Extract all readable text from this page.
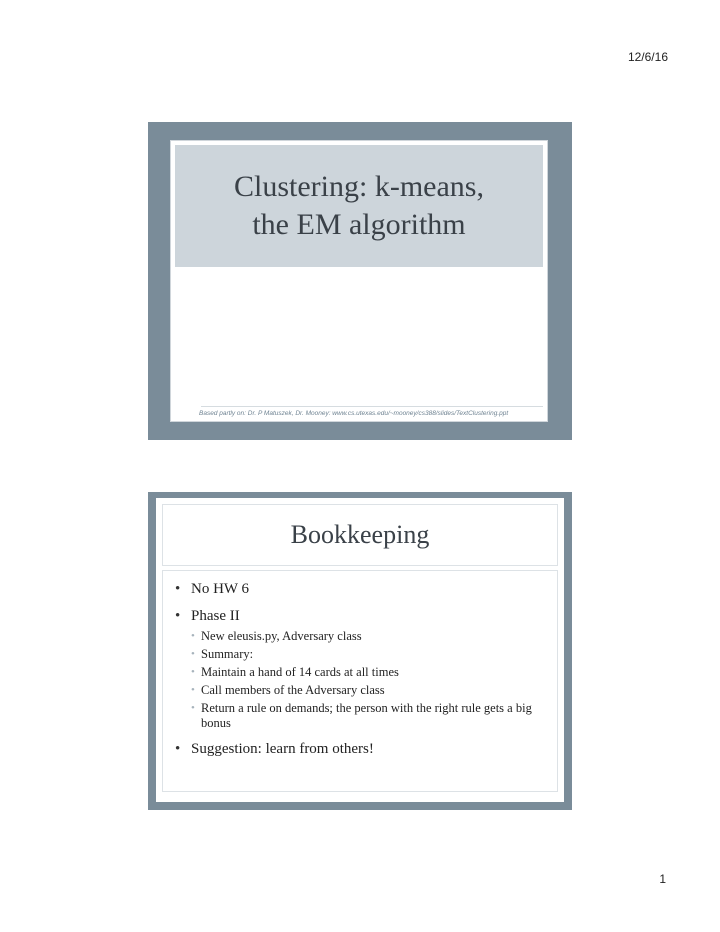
12/6/16
Clustering: k-means,
the EM algorithm
Based partly on: Dr. P Matuszek, Dr. Mooney: www.cs.utexas.edu/~mooney/cs388/slides/TextClustering.ppt
Bookkeeping
• No HW 6
• Phase II
• New eleusis.py, Adversary class
• Summary:
• Maintain a hand of 14 cards at all times
• Call members of the Adversary class
• Return a rule on demands; the person with the right rule gets a big bonus
• Suggestion: learn from others!
1
